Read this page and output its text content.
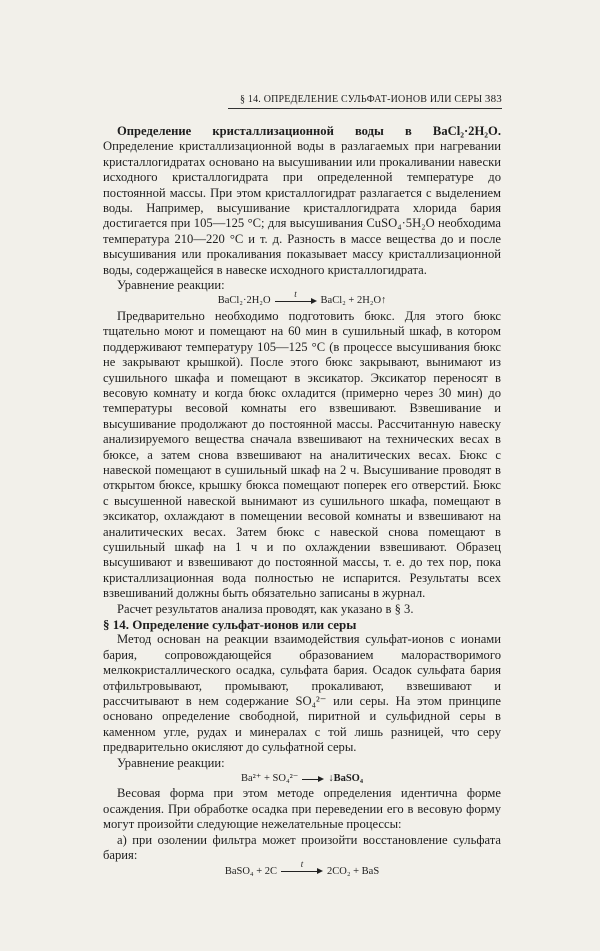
§ 14. ОПРЕДЕЛЕНИЕ СУЛЬФАТ-ИОНОВ ИЛИ СЕРЫ 383

Определение кристаллизационной воды в BaCl₂·2H₂O. Определение кристаллизационной воды в разлагаемых при нагревании кристаллогидратах основано на высушивании или прокаливании навески исходного кристаллогидрата при определенной температуре до постоянной массы. При этом кристаллогидрат разлагается с выделением воды. Например, высушивание кристаллогидрата хлорида бария достигается при 105—125 °С; для высушивания CuSO₄·5H₂O необходима температура 210—220 °С и т. д. Разность в массе вещества до и после высушивания или прокаливания показывает массу кристаллизационной воды, содержащейся в навеске исходного кристаллогидрата.

Уравнение реакции:

BaCl₂·2H₂O
t
BaCl₂ + 2H₂O↑

Предварительно необходимо подготовить бюкс. Для этого бюкс тщательно моют и помещают на 60 мин в сушильный шкаф, в котором поддерживают температуру 105—125 °С (в процессе высушивания бюкс не закрывают крышкой). После этого бюкс закрывают, вынимают из сушильного шкафа и помещают в эксикатор. Эксикатор переносят в весовую комнату и когда бюкс охладится (примерно через 30 мин) до температуры весовой комнаты его взвешивают. Взвешивание и высушивание продолжают до постоянной массы. Рассчитанную навеску анализируемого вещества сначала взвешивают на технических весах в бюксе, а затем снова взвешивают на аналитических весах. Бюкс с навеской помещают в сушильный шкаф на 2 ч. Высушивание проводят в открытом бюксе, крышку бюкса помещают поперек его отверстий. Бюкс с высушенной навеской вынимают из сушильного шкафа, помещают в эксикатор, охлаждают в помещении весовой комнаты и взвешивают на аналитических весах. Затем бюкс с навеской снова помещают в сушильный шкаф на 1 ч и по охлаждении взвешивают. Образец высушивают и взвешивают до постоянной массы, т. е. до тех пор, пока кристаллизационная вода полностью не испарится. Результаты всех взвешиваний должны быть обязательно записаны в журнал.

Расчет результатов анализа проводят, как указано в § 3.

§ 14. Определение сульфат-ионов или серы

Метод основан на реакции взаимодействия сульфат-ионов с ионами бария, сопровождающейся образованием малорастворимого мелкокристаллического осадка, сульфата бария. Осадок сульфата бария отфильтровывают, промывают, прокаливают, взвешивают и рассчитывают в нем содержание SO₄²⁻ или серы. На этом принципе основано определение свободной, пиритной и сульфидной серы в каменном угле, рудах и минералах с той лишь разницей, что серу предварительно окисляют до сульфатной серы.

Уравнение реакции:

Ba²⁺ + SO₄²⁻	↓BaSO₄

Весовая форма при этом методе определения идентична форме осаждения. При обработке осадка при переведении его в весовую форму могут произойти следующие нежелательные процессы:

а) при озолении фильтра может произойти восстановление сульфата бария:

BaSO₄ + 2C
t
2CO₂ + BaS
